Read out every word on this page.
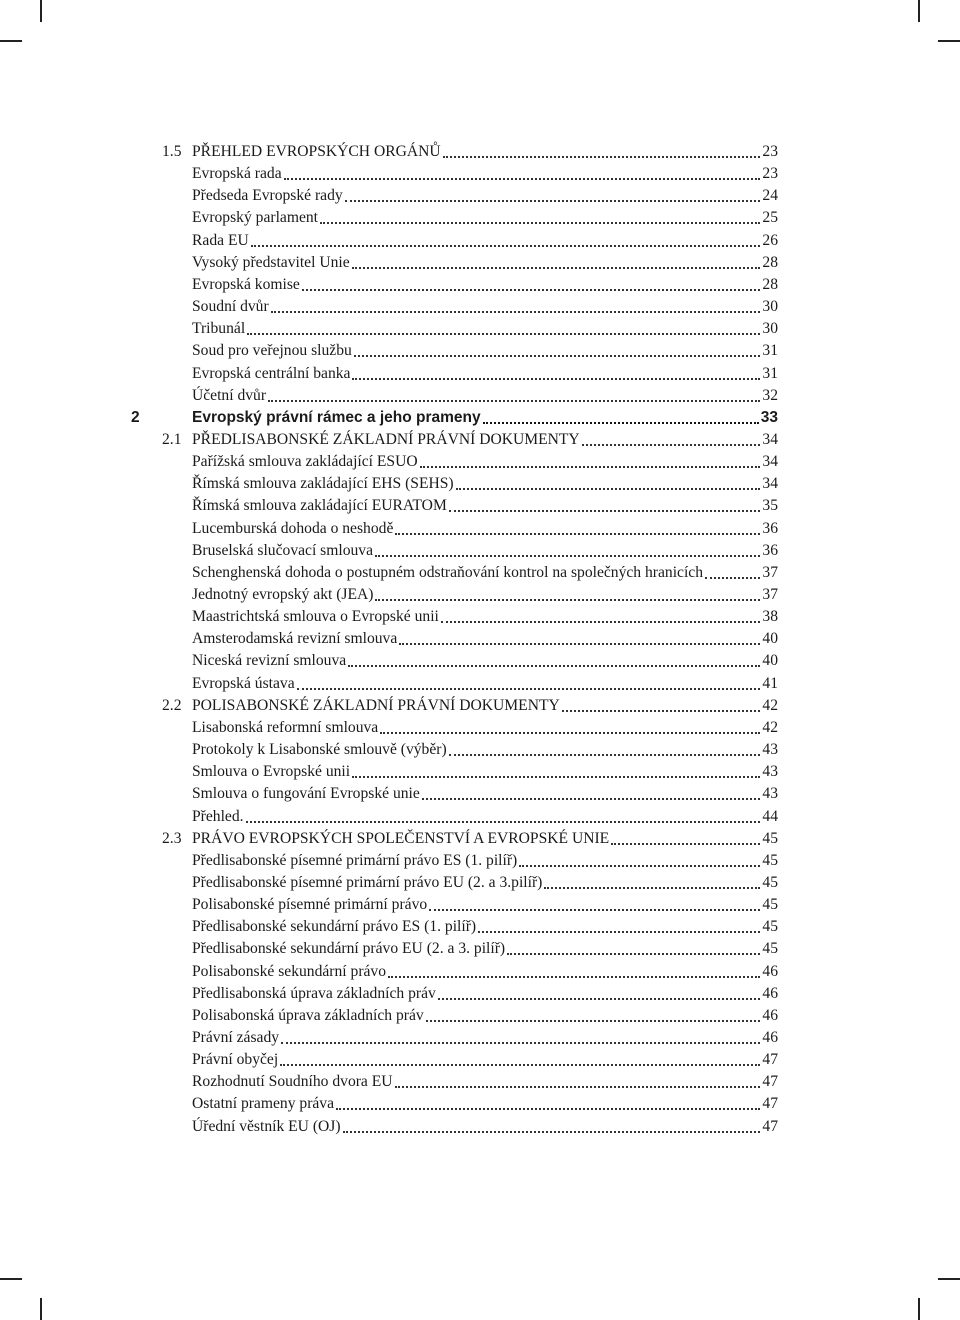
1.5 PŘEHLED EVROPSKÝCH ORGÁNŮ	23
Evropská rada	23
Předseda Evropské rady	24
Evropský parlament	25
Rada EU	26
Vysoký představitel Unie	28
Evropská komise	28
Soudní dvůr	30
Tribunál	30
Soud pro veřejnou službu	31
Evropská centrální banka	31
Účetní dvůr	32
2	Evropský právní rámec a jeho prameny	33
2.1 PŘEDLISABONSKÉ ZÁKLADNÍ PRÁVNÍ DOKUMENTY	34
Pařížská smlouva zakládající ESUO	34
Římská smlouva zakládající EHS (SEHS)	34
Římská smlouva zakládající EURATOM	35
Lucemburská dohoda o neshodě	36
Bruselská slučovací smlouva	36
Schenghenská dohoda o postupném odstraňování kontrol na společných hranicích	37
Jednotný evropský akt (JEA)	37
Maastrichtská smlouva o Evropské unii	38
Amsterodamská revizní smlouva	40
Niceská revizní smlouva	40
Evropská ústava	41
2.2 POLISABONSKÉ ZÁKLADNÍ PRÁVNÍ DOKUMENTY	42
Lisabonská reformní smlouva	42
Protokoly k Lisabonské smlouvě (výběr)	43
Smlouva o Evropské unii	43
Smlouva o fungování Evropské unie	43
Přehled.	44
2.3 PRÁVO EVROPSKÝCH SPOLEČENSTVÍ A EVROPSKÉ UNIE	45
Předlisabonské písemné primární právo ES (1. pilíř)	45
Předlisabonské písemné primární právo EU (2. a 3.pilíř)	45
Polisabonské písemné primární právo	45
Předlisabonské sekundární právo ES (1. pilíř)	45
Předlisabonské sekundární právo EU (2. a 3. pilíř)	45
Polisabonské sekundární právo	46
Předlisabonská úprava základních práv	46
Polisabonská úprava základních práv	46
Právní zásady	46
Právní obyčej	47
Rozhodnutí Soudního dvora EU	47
Ostatní prameny práva	47
Úřední věstník EU (OJ)	47
